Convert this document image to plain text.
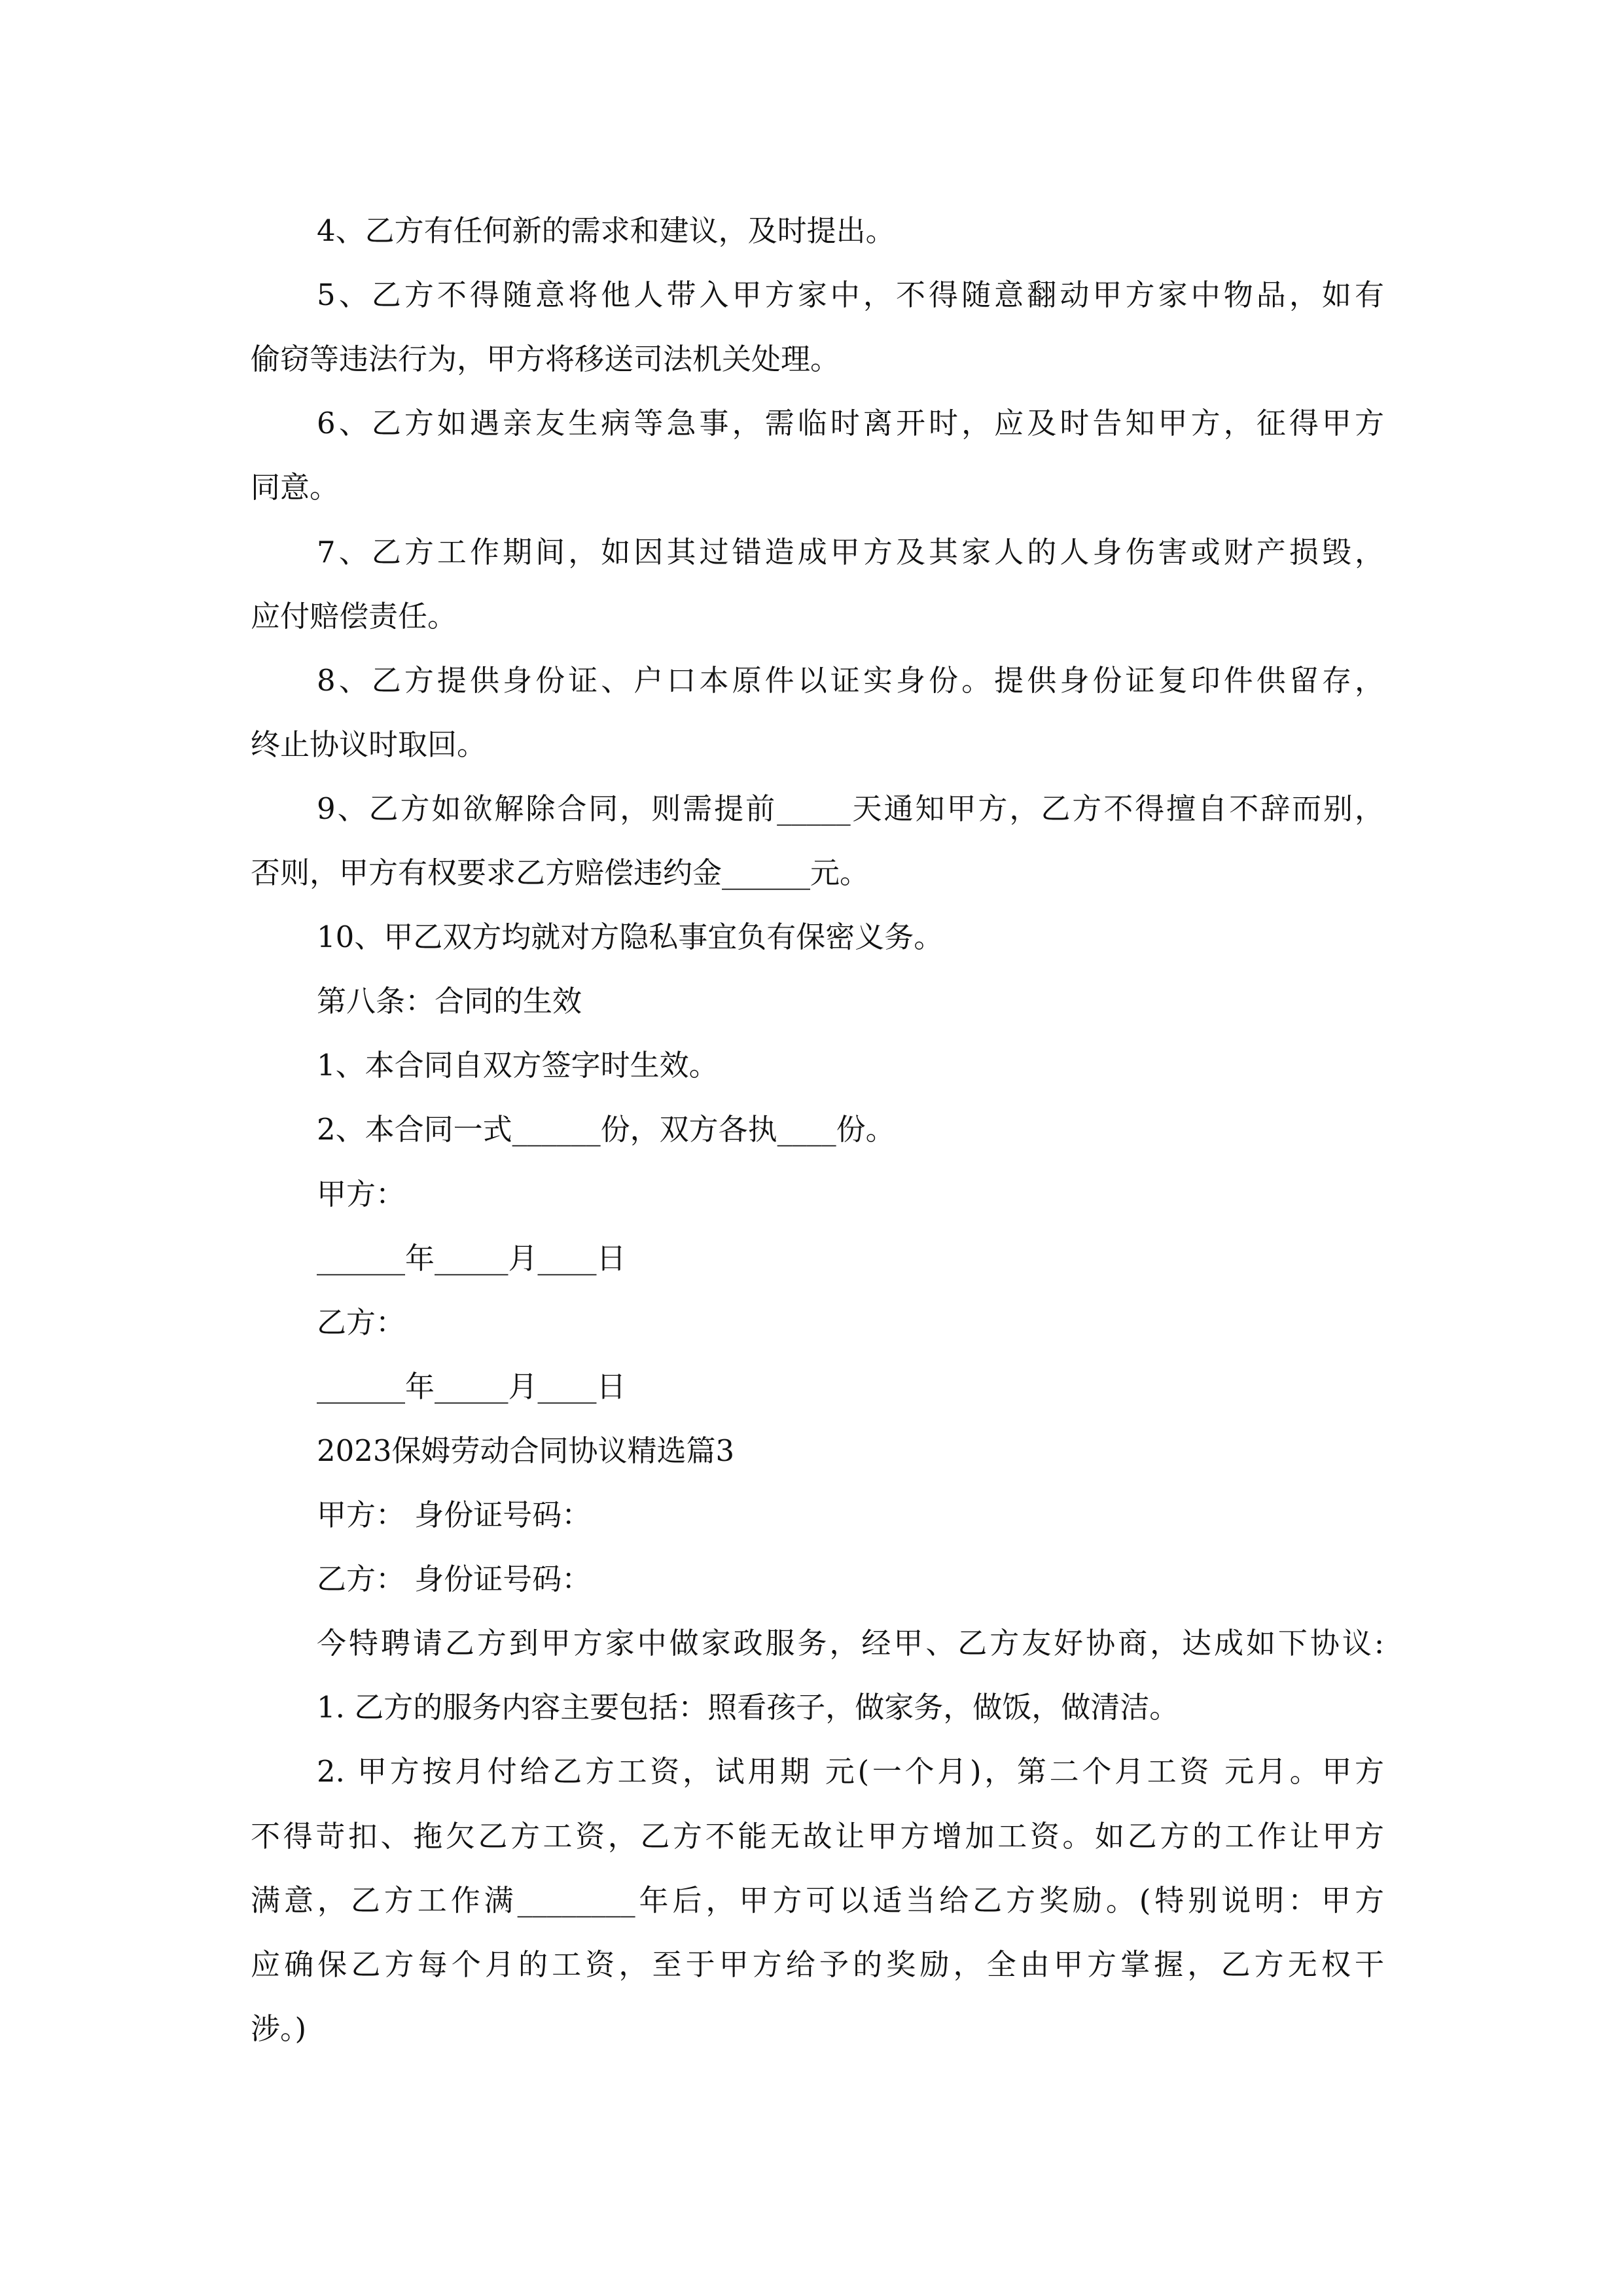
4、乙方有任何新的需求和建议，及时提出。
5、乙方不得随意将他人带入甲方家中，不得随意翻动甲方家中物品，如有
偷窃等违法行为，甲方将移送司法机关处理。
6、乙方如遇亲友生病等急事，需临时离开时，应及时告知甲方，征得甲方
同意。
7、乙方工作期间，如因其过错造成甲方及其家人的人身伤害或财产损毁，
应付赔偿责任。
8、乙方提供身份证、户口本原件以证实身份。提供身份证复印件供留存，
终止协议时取回。
9、乙方如欲解除合同，则需提前_____天通知甲方，乙方不得擅自不辞而别，
否则，甲方有权要求乙方赔偿违约金______元。
10、甲乙双方均就对方隐私事宜负有保密义务。
第八条：合同的生效
1、本合同自双方签字时生效。
2、本合同一式______份，双方各执____份。
甲方：
______年_____月____日
乙方：
______年_____月____日
2023保姆劳动合同协议精选篇3
甲方： 身份证号码：
乙方： 身份证号码：
今特聘请乙方到甲方家中做家政服务，经甲、乙方友好协商，达成如下协议:
1. 乙方的服务内容主要包括：照看孩子，做家务，做饭，做清洁。
2. 甲方按月付给乙方工资，试用期 元(一个月)，第二个月工资 元月。甲方
不得苛扣、拖欠乙方工资，乙方不能无故让甲方增加工资。如乙方的工作让甲方
满意，乙方工作满________年后，甲方可以适当给乙方奖励。(特别说明：甲方
应确保乙方每个月的工资，至于甲方给予的奖励，全由甲方掌握，乙方无权干
涉。)
